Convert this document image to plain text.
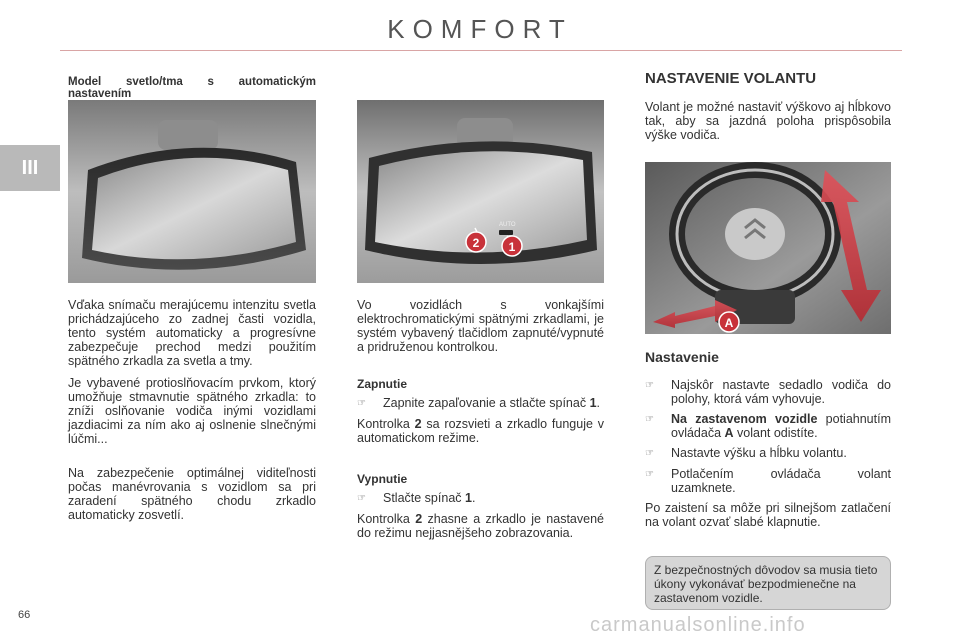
KOMFORT
III
66

Model svetlo/tma s automatickým nastavením

Vďaka snímaču merajúcemu intenzitu svetla prichádzajúceho zo zadnej časti vozidla, tento systém automaticky a progresívne zabezpečuje prechod medzi použitím spätného zrkadla za svetla a tmy.

Je vybavené protioslňovacím prvkom, ktorý umožňuje stmavnutie spätného zrkadla: to zníži oslňovanie vodiča inými vozidlami jazdiacimi za ním ako aj oslnenie slnečnými lúčmi...

Na zabezpečenie optimálnej viditeľnosti počas manévrovania s vozidlom sa pri zaradení spätného chodu zrkadlo automaticky zosvetlí.

AUTO
2 1

Vo vozidlách s vonkajšími elektrochromatickými spätnými zrkadlami, je systém vybavený tlačidlom zapnuté/vypnuté a pridruženou kontrolkou.

Zapnutie

☞	Zapnite zapaľovanie a stlačte spínač 1.

Kontrolka 2 sa rozsvieti a zrkadlo funguje v automatickom režime.

Vypnutie

☞	Stlačte spínač 1.

Kontrolka 2 zhasne a zrkadlo je nastavené do režimu nejjasnějšeho zobrazovania.

NASTAVENIE VOLANTU

Volant je možné nastaviť výškovo aj hĺbkovo tak, aby sa jazdná poloha prispôsobila výške vodiča.

A

Nastavenie

☞	Najskôr nastavte sedadlo vodiča do polohy, ktorá vám vyhovuje.
☞	Na zastavenom vozidle potiahnutím ovládača A volant odistíte.
☞	Nastavte výšku a hĺbku volantu.
☞	Potlačením ovládača volant uzamknete.

Po zaistení sa môže pri silnejšom zatlačení na volant ozvať slabé klapnutie.

Z bezpečnostných dôvodov sa musia tieto úkony vykonávať bezpodmienečne na zastavenom vozidle.
carmanualsonline.info
